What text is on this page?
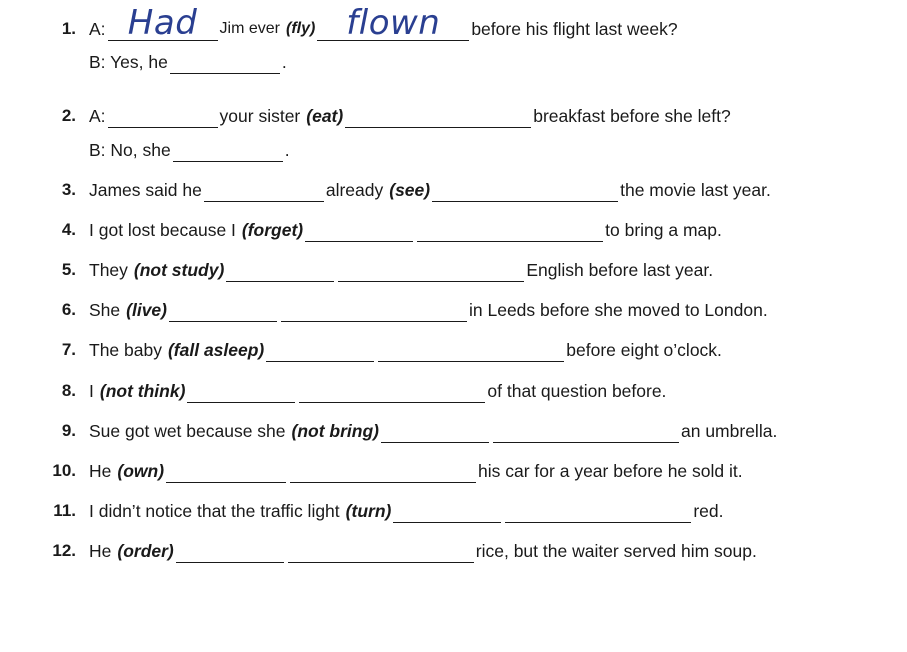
1. A: Had	Jim ever (fly) flown	before his flight last week?
B: Yes, he	.
2. A:	your sister (eat)	breakfast before she left?
B: No, she	.
3. James said he	already (see)	the movie last year.
4. I got lost because I (forget)	to bring a map.
5. They (not study)	English before last year.
6. She (live)	in Leeds before she moved to London.
7. The baby (fall asleep)	before eight o’clock.
8. I (not think)	of that question before.
9. Sue got wet because she (not bring)	an umbrella.
10. He (own)	his car for a year before he sold it.
11. I didn’t notice that the traffic light (turn)	red.
12. He (order)	rice, but the waiter served him soup.
